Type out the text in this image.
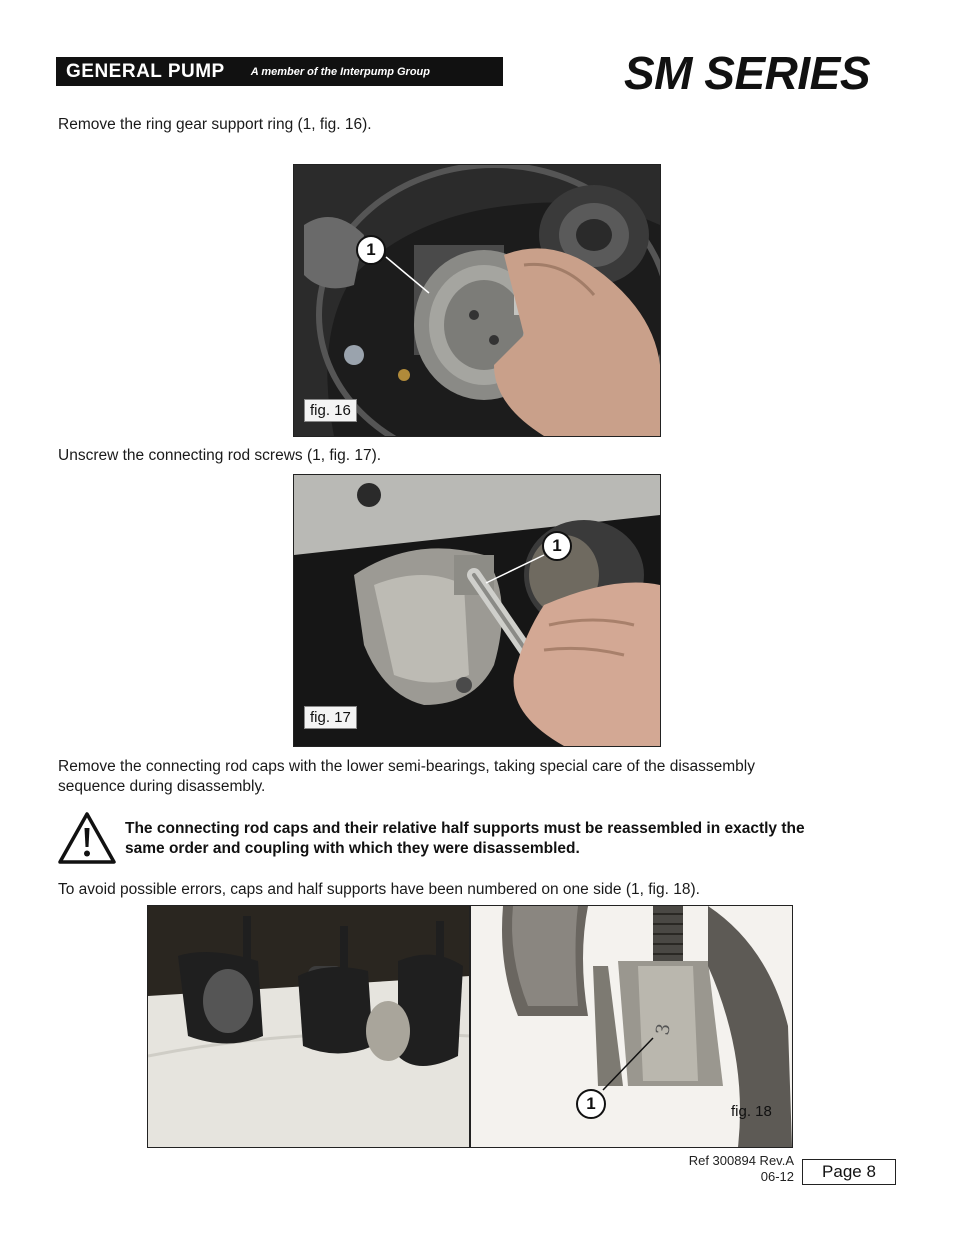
GENERAL PUMP A member of the Interpump Group	SM SERIES
Remove the ring gear support ring (1, fig. 16).
1
fig. 16
Unscrew the connecting rod screws (1, fig. 17).
1
fig. 17
Remove the connecting rod caps with the lower semi-bearings, taking special care of the disassembly
sequence during disassembly.
The connecting rod caps and their relative half supports must be reassembled in exactly the
same order and coupling with which they were disassembled.
To avoid possible errors, caps and half supports have been numbered on one side (1, fig. 18).
3
1	fig. 18
Ref 300894 Rev.A
06-12	Page 8
